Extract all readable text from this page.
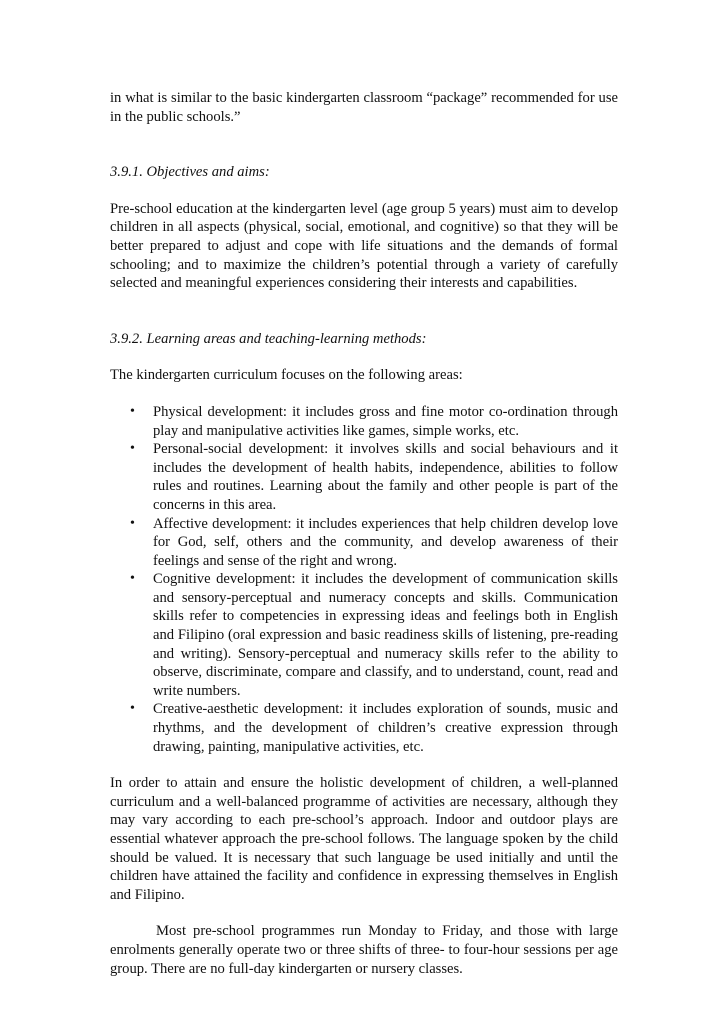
in what is similar to the basic kindergarten classroom “package” recommended for use in the public schools.”

3.9.1. Objectives and aims:

Pre-school education at the kindergarten level (age group 5 years) must aim to develop children in all aspects (physical, social, emotional, and cognitive) so that they will be better prepared to adjust and cope with life situations and the demands of formal schooling; and to maximize the children’s potential through a variety of carefully selected and meaningful experiences considering their interests and capabilities.

3.9.2. Learning areas and teaching-learning methods:

The kindergarten curriculum focuses on the following areas:

• Physical development: it includes gross and fine motor co-ordination through play and manipulative activities like games, simple works, etc.
• Personal-social development: it involves skills and social behaviours and it includes the development of health habits, independence, abilities to follow rules and routines. Learning about the family and other people is part of the concerns in this area.
• Affective development: it includes experiences that help children develop love for God, self, others and the community, and develop awareness of their feelings and sense of the right and wrong.
• Cognitive development: it includes the development of communication skills and sensory-perceptual and numeracy concepts and skills. Communication skills refer to competencies in expressing ideas and feelings both in English and Filipino (oral expression and basic readiness skills of listening, pre-reading and writing). Sensory-perceptual and numeracy skills refer to the ability to observe, discriminate, compare and classify, and to understand, count, read and write numbers.
• Creative-aesthetic development: it includes exploration of sounds, music and rhythms, and the development of children’s creative expression through drawing, painting, manipulative activities, etc.

In order to attain and ensure the holistic development of children, a well-planned curriculum and a well-balanced programme of activities are necessary, although they may vary according to each pre-school’s approach. Indoor and outdoor plays are essential whatever approach the pre-school follows. The language spoken by the child should be valued. It is necessary that such language be used initially and until the children have attained the facility and confidence in expressing themselves in English and Filipino.

Most pre-school programmes run Monday to Friday, and those with large enrolments generally operate two or three shifts of three- to four-hour sessions per age group. There are no full-day kindergarten or nursery classes.
